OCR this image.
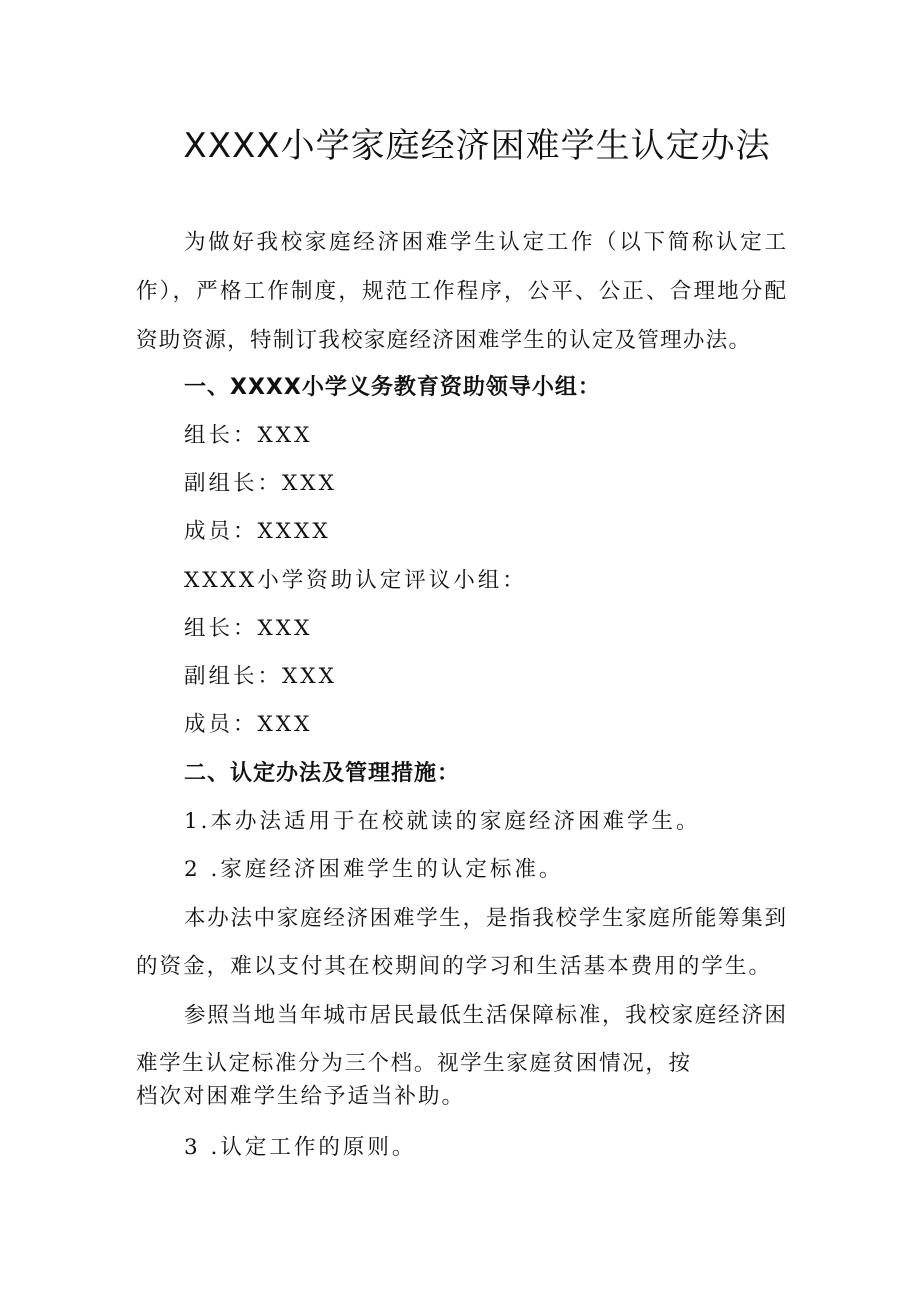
XXXX小学家庭经济困难学生认定办法
为做好我校家庭经济困难学生认定工作（以下简称认定工
作），严格工作制度，规范工作程序，公平、公正、合理地分配
资助资源，特制订我校家庭经济困难学生的认定及管理办法。
一、XXXX小学义务教育资助领导小组：
组长：XXX
副组长：XXX
成员：XXXX
XXXX小学资助认定评议小组：
组长：XXX
副组长：XXX
成员：XXX
二、认定办法及管理措施：
1.本办法适用于在校就读的家庭经济困难学生。
2 .家庭经济困难学生的认定标准。
本办法中家庭经济困难学生，是指我校学生家庭所能筹集到
的资金，难以支付其在校期间的学习和生活基本费用的学生。
参照当地当年城市居民最低生活保障标准，我校家庭经济困
难学生认定标准分为三个档。视学生家庭贫困情况，按
档次对困难学生给予适当补助。
3 .认定工作的原则。
